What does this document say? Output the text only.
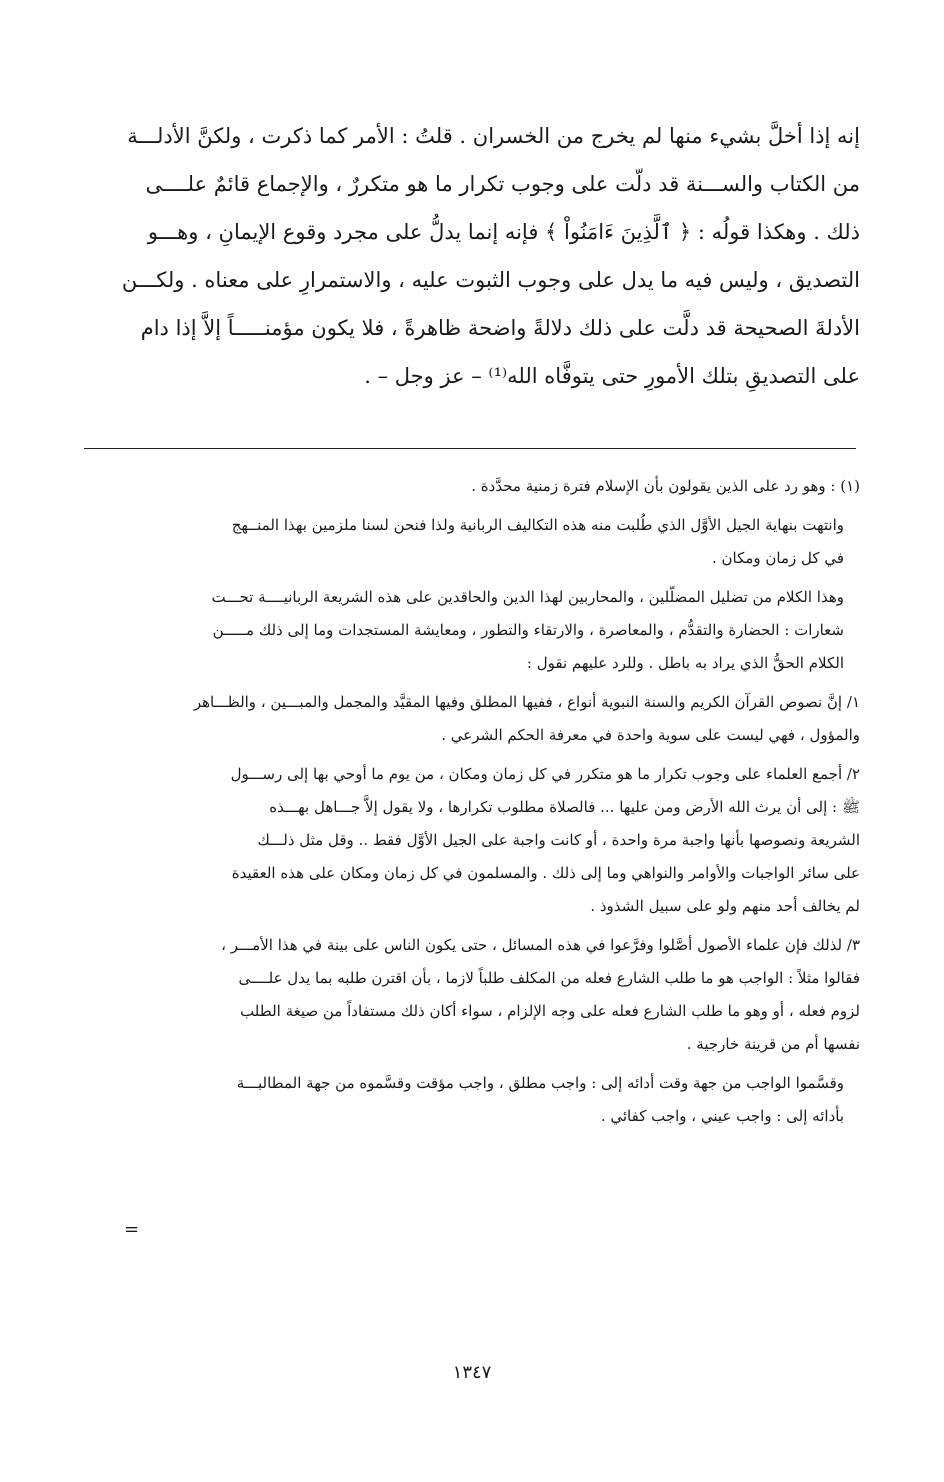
إنه إذا أخلَّ بشيء منها لم يخرج من الخسران . قلتُ : الأمر كما ذكرت ، ولكنَّ الأدلـــة

من الكتاب والســـنة قد دلّت على وجوب تكرار ما هو متكررٌ ، والإجماع قائمٌ علــــى

ذلك . وهكذا قولُه : ﴿ ٱلَّذِينَ ءَامَنُواْ ﴾ فإنه إنما يدلُّ على مجرد وقوع الإيمانِ ، وهـــو

التصديق ، وليس فيه ما يدل على وجوب الثبوت عليه ، والاستمرارِ على معناه . ولكـــن

الأدلةَ الصحيحة قد دلَّت على ذلك دلالةً واضحة ظاهرةً ، فلا يكون مؤمنـــــاً إلاَّ إذا دام

على التصديقِ بتلك الأمورِ حتى يتوفَّاه الله⁽¹⁾ – عز وجل – .

(١) : وهو رد على الذين يقولون بأن الإسلام فترة زمنية محدَّدة .
وانتهت بنهاية الجيل الأوَّل الذي طُلبت منه هذه التكاليف الربانية ولذا فنحن لسنا ملزمين بهذا المنــهج
في كل زمان ومكان .
وهذا الكلام من تضليل المضلّلين ، والمحاربين لهذا الدين والحاقدين على هذه الشريعة الربانيــــة تحـــت
شعارات : الحضارة والتقدُّم ، والمعاصرة ، والارتقاء والتطور ، ومعايشة المستجدات وما إلى ذلك مـــــن
الكلام الحقُّ الذي يراد به باطل . وللرد عليهم نقول :
١/ إنَّ نصوص القرآن الكريم والسنة النبوية أنواع ، ففيها المطلق وفيها المقيَّد والمجمل والمبـــين ، والظـــاهر
والمؤول ، فهي ليست على سوية واحدة في معرفة الحكم الشرعي .
٢/ أجمع العلماء على وجوب تكرار ما هو متكرر في كل زمان ومكان ، من يوم ما أوحي بها إلى رســـول
ﷺ : إلى أن يرث الله الأرض ومن عليها ... فالصلاة مطلوب تكرارها ، ولا يقول إلاَّ جـــاهل بهـــذه
الشريعة ونصوصها بأنها واجبة مرة واحدة ، أو كانت واجبة على الجيل الأوَّل فقط .. وقل مثل ذلـــك
على سائر الواجبات والأوامر والنواهي وما إلى ذلك . والمسلمون في كل زمان ومكان على هذه العقيدة
لم يخالف أحد منهم ولو على سبيل الشذوذ .
٣/ لذلك فإن علماء الأصول أصَّلوا وفرَّعوا في هذه المسائل ، حتى يكون الناس على بينة في هذا الأمـــر ،
فقالوا مثلاً : الواجب هو ما طلب الشارع فعله من المكلف طلباً لازما ، بأن اقترن طلبه بما يدل علــــى
لزوم فعله ، أو وهو ما طلب الشارع فعله على وجه الإلزام ، سواء أكان ذلك مستفاداً من صيغة الطلب
نفسها أم من قرينة خارجية .
وقسَّموا الواجب من جهة وقت أدائه إلى : واجب مطلق ، واجب مؤقت وقسَّموه من جهة المطالبـــة
بأدائه إلى : واجب عيني ، واجب كفائي .
=
١٣٤٧
